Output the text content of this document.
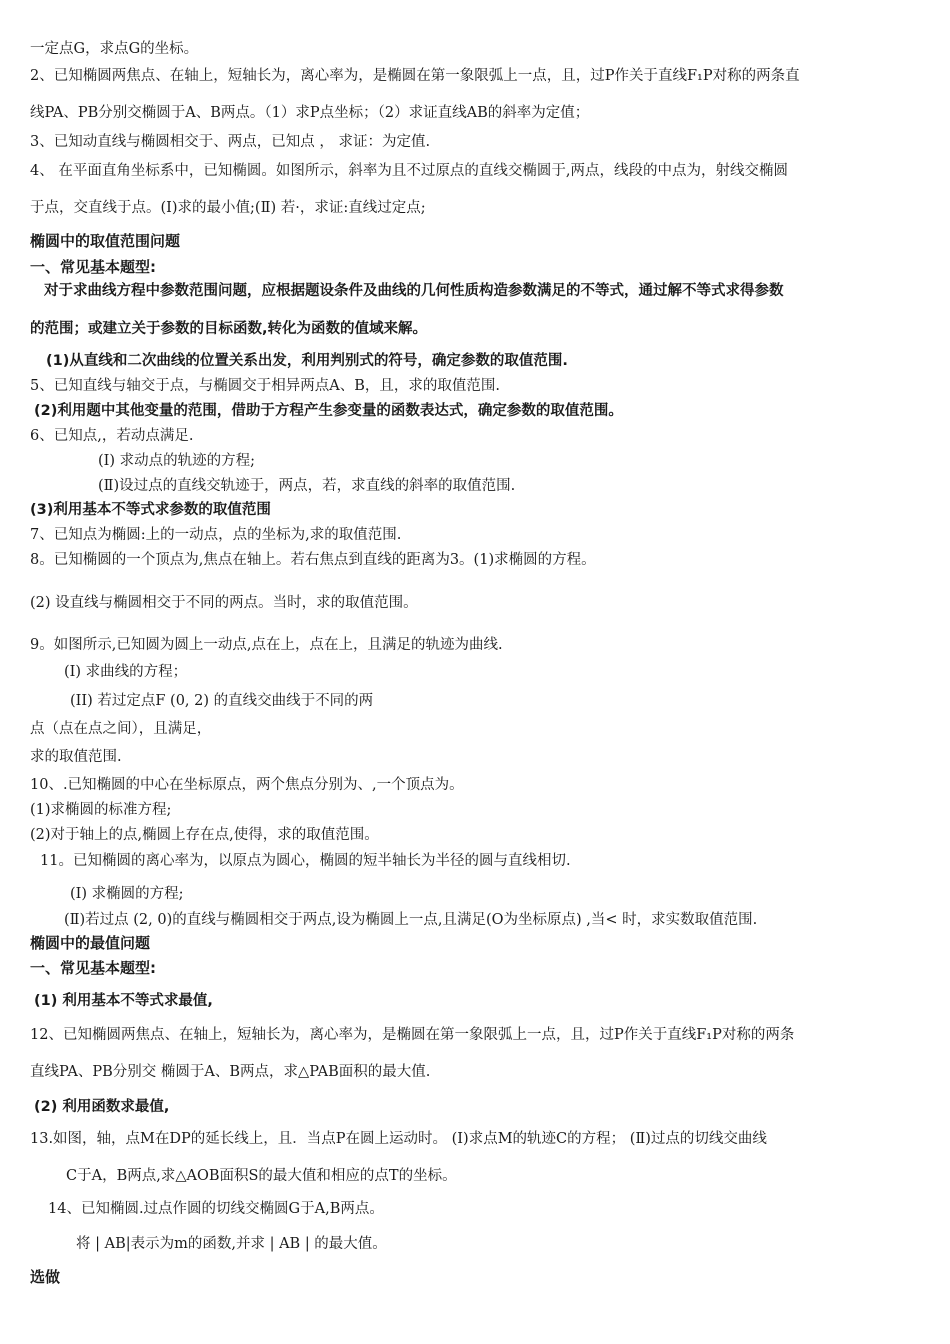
一定点G，求点G的坐标。
2、已知椭圆两焦点、在轴上，短轴长为，离心率为，是椭圆在第一象限弧上一点，且，过P作关于直线F₁P对称的两条直
线PA、PB分别交椭圆于A、B两点。（1）求P点坐标；（2）求证直线AB的斜率为定值；
3、已知动直线与椭圆相交于、两点，已知点 ， 求证：为定值.
4、 在平面直角坐标系中，已知椭圆。如图所示，斜率为且不过原点的直线交椭圆于,两点，线段的中点为，射线交椭圆
于点，交直线于点。(Ⅰ)求的最小值;(Ⅱ) 若·，求证:直线过定点;
椭圆中的取值范围问题
一、常见基本题型:
对于求曲线方程中参数范围问题，应根据题设条件及曲线的几何性质构造参数满足的不等式，通过解不等式求得参数
的范围；或建立关于参数的目标函数,转化为函数的值域来解。
(1)从直线和二次曲线的位置关系出发，利用判别式的符号，确定参数的取值范围.
5、已知直线与轴交于点，与椭圆交于相异两点A、B，且，求的取值范围.
(2)利用题中其他变量的范围，借助于方程产生参变量的函数表达式，确定参数的取值范围。
6、已知点,，若动点满足.
(Ⅰ) 求动点的轨迹的方程;
(Ⅱ)设过点的直线交轨迹于，两点，若，求直线的斜率的取值范围.
(3)利用基本不等式求参数的取值范围
7、已知点为椭圆:上的一动点，点的坐标为,求的取值范围.
8。已知椭圆的一个顶点为,焦点在轴上。若右焦点到直线的距离为3。(1)求椭圆的方程。
(2) 设直线与椭圆相交于不同的两点。当时，求的取值范围。
9。如图所示,已知圆为圆上一动点,点在上，点在上，且满足的轨迹为曲线.
(I) 求曲线的方程；
(II) 若过定点F (0, 2) 的直线交曲线于不同的两
点（点在点之间），且满足，
求的取值范围.
10、.已知椭圆的中心在坐标原点，两个焦点分别为、,一个顶点为。
(1)求椭圆的标准方程;
(2)对于轴上的点,椭圆上存在点,使得，求的取值范围。
11。已知椭圆的离心率为，以原点为圆心，椭圆的短半轴长为半径的圆与直线相切.
(Ⅰ) 求椭圆的方程;
(Ⅱ)若过点 (2, 0)的直线与椭圆相交于两点,设为椭圆上一点,且满足(O为坐标原点) ,当< 时，求实数取值范围.
椭圆中的最值问题
一、常见基本题型:
(1) 利用基本不等式求最值,
12、已知椭圆两焦点、在轴上，短轴长为，离心率为，是椭圆在第一象限弧上一点，且，过P作关于直线F₁P对称的两条
直线PA、PB分别交 椭圆于A、B两点，求△PAB面积的最大值.
(2) 利用函数求最值,
13.如图，轴，点M在DP的延长线上，且．当点P在圆上运动时。 (I)求点M的轨迹C的方程； (Ⅱ)过点的切线交曲线
C于A，B两点,求△AOB面积S的最大值和相应的点T的坐标。
14、已知椭圆.过点作圆的切线交椭圆G于A,B两点。
将 | AB|表示为m的函数,并求 | AB | 的最大值。
选做
